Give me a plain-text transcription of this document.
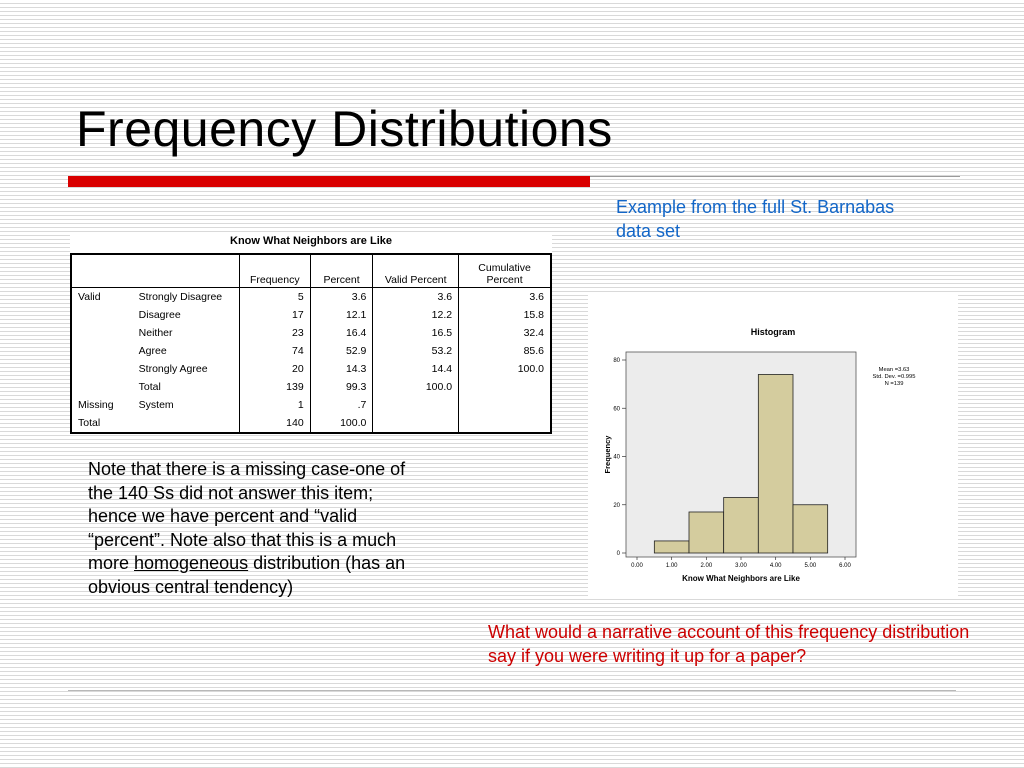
Frequency Distributions

Example from the full St. Barnabas data set

Know What Neighbors are Like
		Frequency	Percent	Valid Percent	Cumulative Percent
Valid	Strongly Disagree	5	3.6	3.6	3.6
	Disagree	17	12.1	12.2	15.8
	Neither	23	16.4	16.5	32.4
	Agree	74	52.9	53.2	85.6
	Strongly Agree	20	14.3	14.4	100.0
	Total	139	99.3	100.0	
Missing	System	1	.7		
Total		140	100.0		

Note that there is a missing case-one of the 140 Ss did not answer this item; hence we have percent and “valid “percent”. Note also that this is a much more homogeneous distribution (has an obvious central tendency)

Histogram
0
20
40
60
80
0.00	1.00	2.00	3.00	4.00	5.00	6.00
Know What Neighbors are Like
Frequency
Mean =3.63
Std. Dev. =0.995
N =139

What would a narrative account of this frequency distribution say if you were writing it up for a paper?
